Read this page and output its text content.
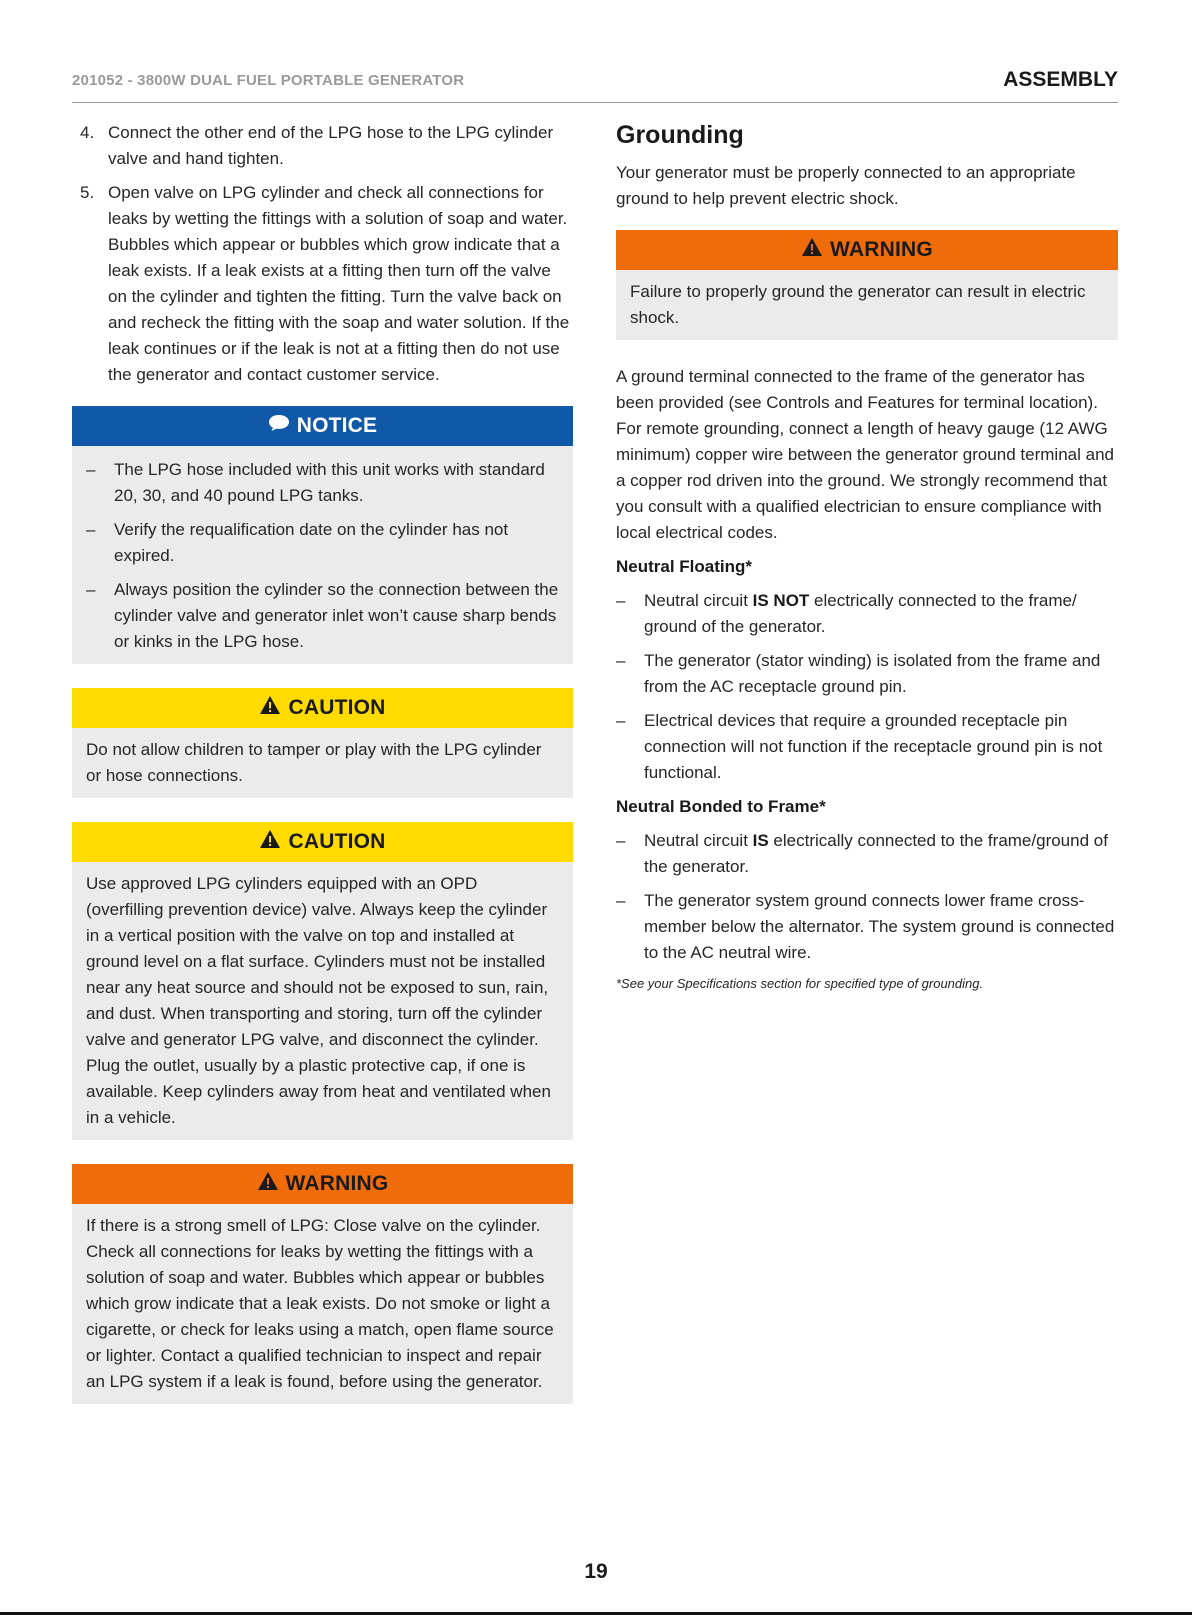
201052 - 3800W DUAL FUEL PORTABLE GENERATOR	ASSEMBLY
4. Connect the other end of the LPG hose to the LPG cylinder valve and hand tighten.
5. Open valve on LPG cylinder and check all connections for leaks by wetting the fittings with a solution of soap and water. Bubbles which appear or bubbles which grow indicate that a leak exists. If a leak exists at a fitting then turn off the valve on the cylinder and tighten the fitting. Turn the valve back on and recheck the fitting with the soap and water solution. If the leak continues or if the leak is not at a fitting then do not use the generator and contact customer service.
NOTICE
–	The LPG hose included with this unit works with standard 20, 30, and 40 pound LPG tanks.
–	Verify the requalification date on the cylinder has not expired.
–	Always position the cylinder so the connection between the cylinder valve and generator inlet won’t cause sharp bends or kinks in the LPG hose.
CAUTION

Do not allow children to tamper or play with the LPG cylinder or hose connections.

CAUTION

Use approved LPG cylinders equipped with an OPD (overfilling prevention device) valve. Always keep the cylinder in a vertical position with the valve on top and installed at ground level on a flat surface. Cylinders must not be installed near any heat source and should not be exposed to sun, rain, and dust. When transporting and storing, turn off the cylinder valve and generator LPG valve, and disconnect the cylinder. Plug the outlet, usually by a plastic protective cap, if one is available. Keep cylinders away from heat and ventilated when in a vehicle.

WARNING

If there is a strong smell of LPG: Close valve on the cylinder. Check all connections for leaks by wetting the fittings with a solution of soap and water. Bubbles which appear or bubbles which grow indicate that a leak exists. Do not smoke or light a cigarette, or check for leaks using a match, open flame source or lighter. Contact a qualified technician to inspect and repair an LPG system if a leak is found, before using the generator.

Grounding

Your generator must be properly connected to an appropriate ground to help prevent electric shock.

WARNING

Failure to properly ground the generator can result in electric shock.

A ground terminal connected to the frame of the generator has been provided (see Controls and Features for terminal location). For remote grounding, connect a length of heavy gauge (12 AWG minimum) copper wire between the generator ground terminal and a copper rod driven into the ground. We strongly recommend that you consult with a qualified electrician to ensure compliance with local electrical codes.

Neutral Floating*
–	Neutral circuit IS NOT electrically connected to the frame/ ground of the generator.
–	The generator (stator winding) is isolated from the frame and from the AC receptacle ground pin.
–	Electrical devices that require a grounded receptacle pin connection will not function if the receptacle ground pin is not functional.
Neutral Bonded to Frame*
–	Neutral circuit IS electrically connected to the frame/ground of the generator.
–	The generator system ground connects lower frame cross-member below the alternator. The system ground is connected to the AC neutral wire.

*See your Specifications section for specified type of grounding.

19
